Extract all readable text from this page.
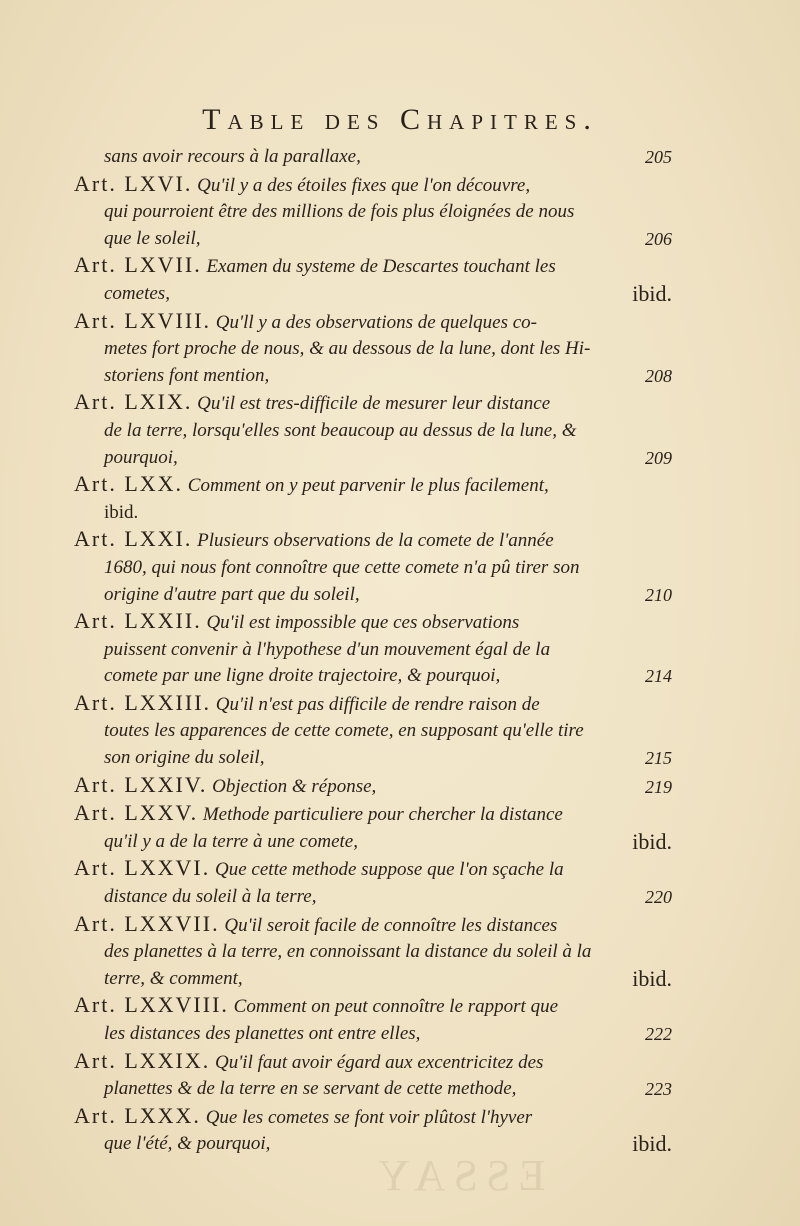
Table des Chapitres.
sans avoir recours à la parallaxe,	205
Art. LXVI. Qu'il y a des étoiles fixes que l'on découvre,
qui pourroient être des millions de fois plus éloignées de nous
que le soleil,	206
Art. LXVII. Examen du systeme de Descartes touchant les
cometes,	ibid.
Art. LXVIII. Qu'll y a des observations de quelques co-
metes fort proche de nous, & au dessous de la lune, dont les Hi-
storiens font mention,	208
Art. LXIX. Qu'il est tres-difficile de mesurer leur distance
de la terre, lorsqu'elles sont beaucoup au dessus de la lune, &
pourquoi,	209
Art. LXX. Comment on y peut parvenir le plus facilement,
ibid.
Art. LXXI. Plusieurs observations de la comete de l'année
1680, qui nous font connoître que cette comete n'a pû tirer son
origine d'autre part que du soleil,	210
Art. LXXII. Qu'il est impossible que ces observations
puissent convenir à l'hypothese d'un mouvement égal de la
comete par une ligne droite trajectoire, & pourquoi,	214
Art. LXXIII. Qu'il n'est pas difficile de rendre raison de
toutes les apparences de cette comete, en supposant qu'elle tire
son origine du soleil,	215
Art. LXXIV. Objection & réponse,	219
Art. LXXV. Methode particuliere pour chercher la distance
qu'il y a de la terre à une comete,	ibid.
Art. LXXVI. Que cette methode suppose que l'on sçache la
distance du soleil à la terre,	220
Art. LXXVII. Qu'il seroit facile de connoître les distances
des planettes à la terre, en connoissant la distance du soleil à la
terre, & comment,	ibid.
Art. LXXVIII. Comment on peut connoître le rapport que
les distances des planettes ont entre elles,	222
Art. LXXIX. Qu'il faut avoir égard aux excentricitez des
planettes & de la terre en se servant de cette methode,	223
Art. LXXX. Que les cometes se font voir plûtost l'hyver
que l'été, & pourquoi,	ibid.
ESSAY
